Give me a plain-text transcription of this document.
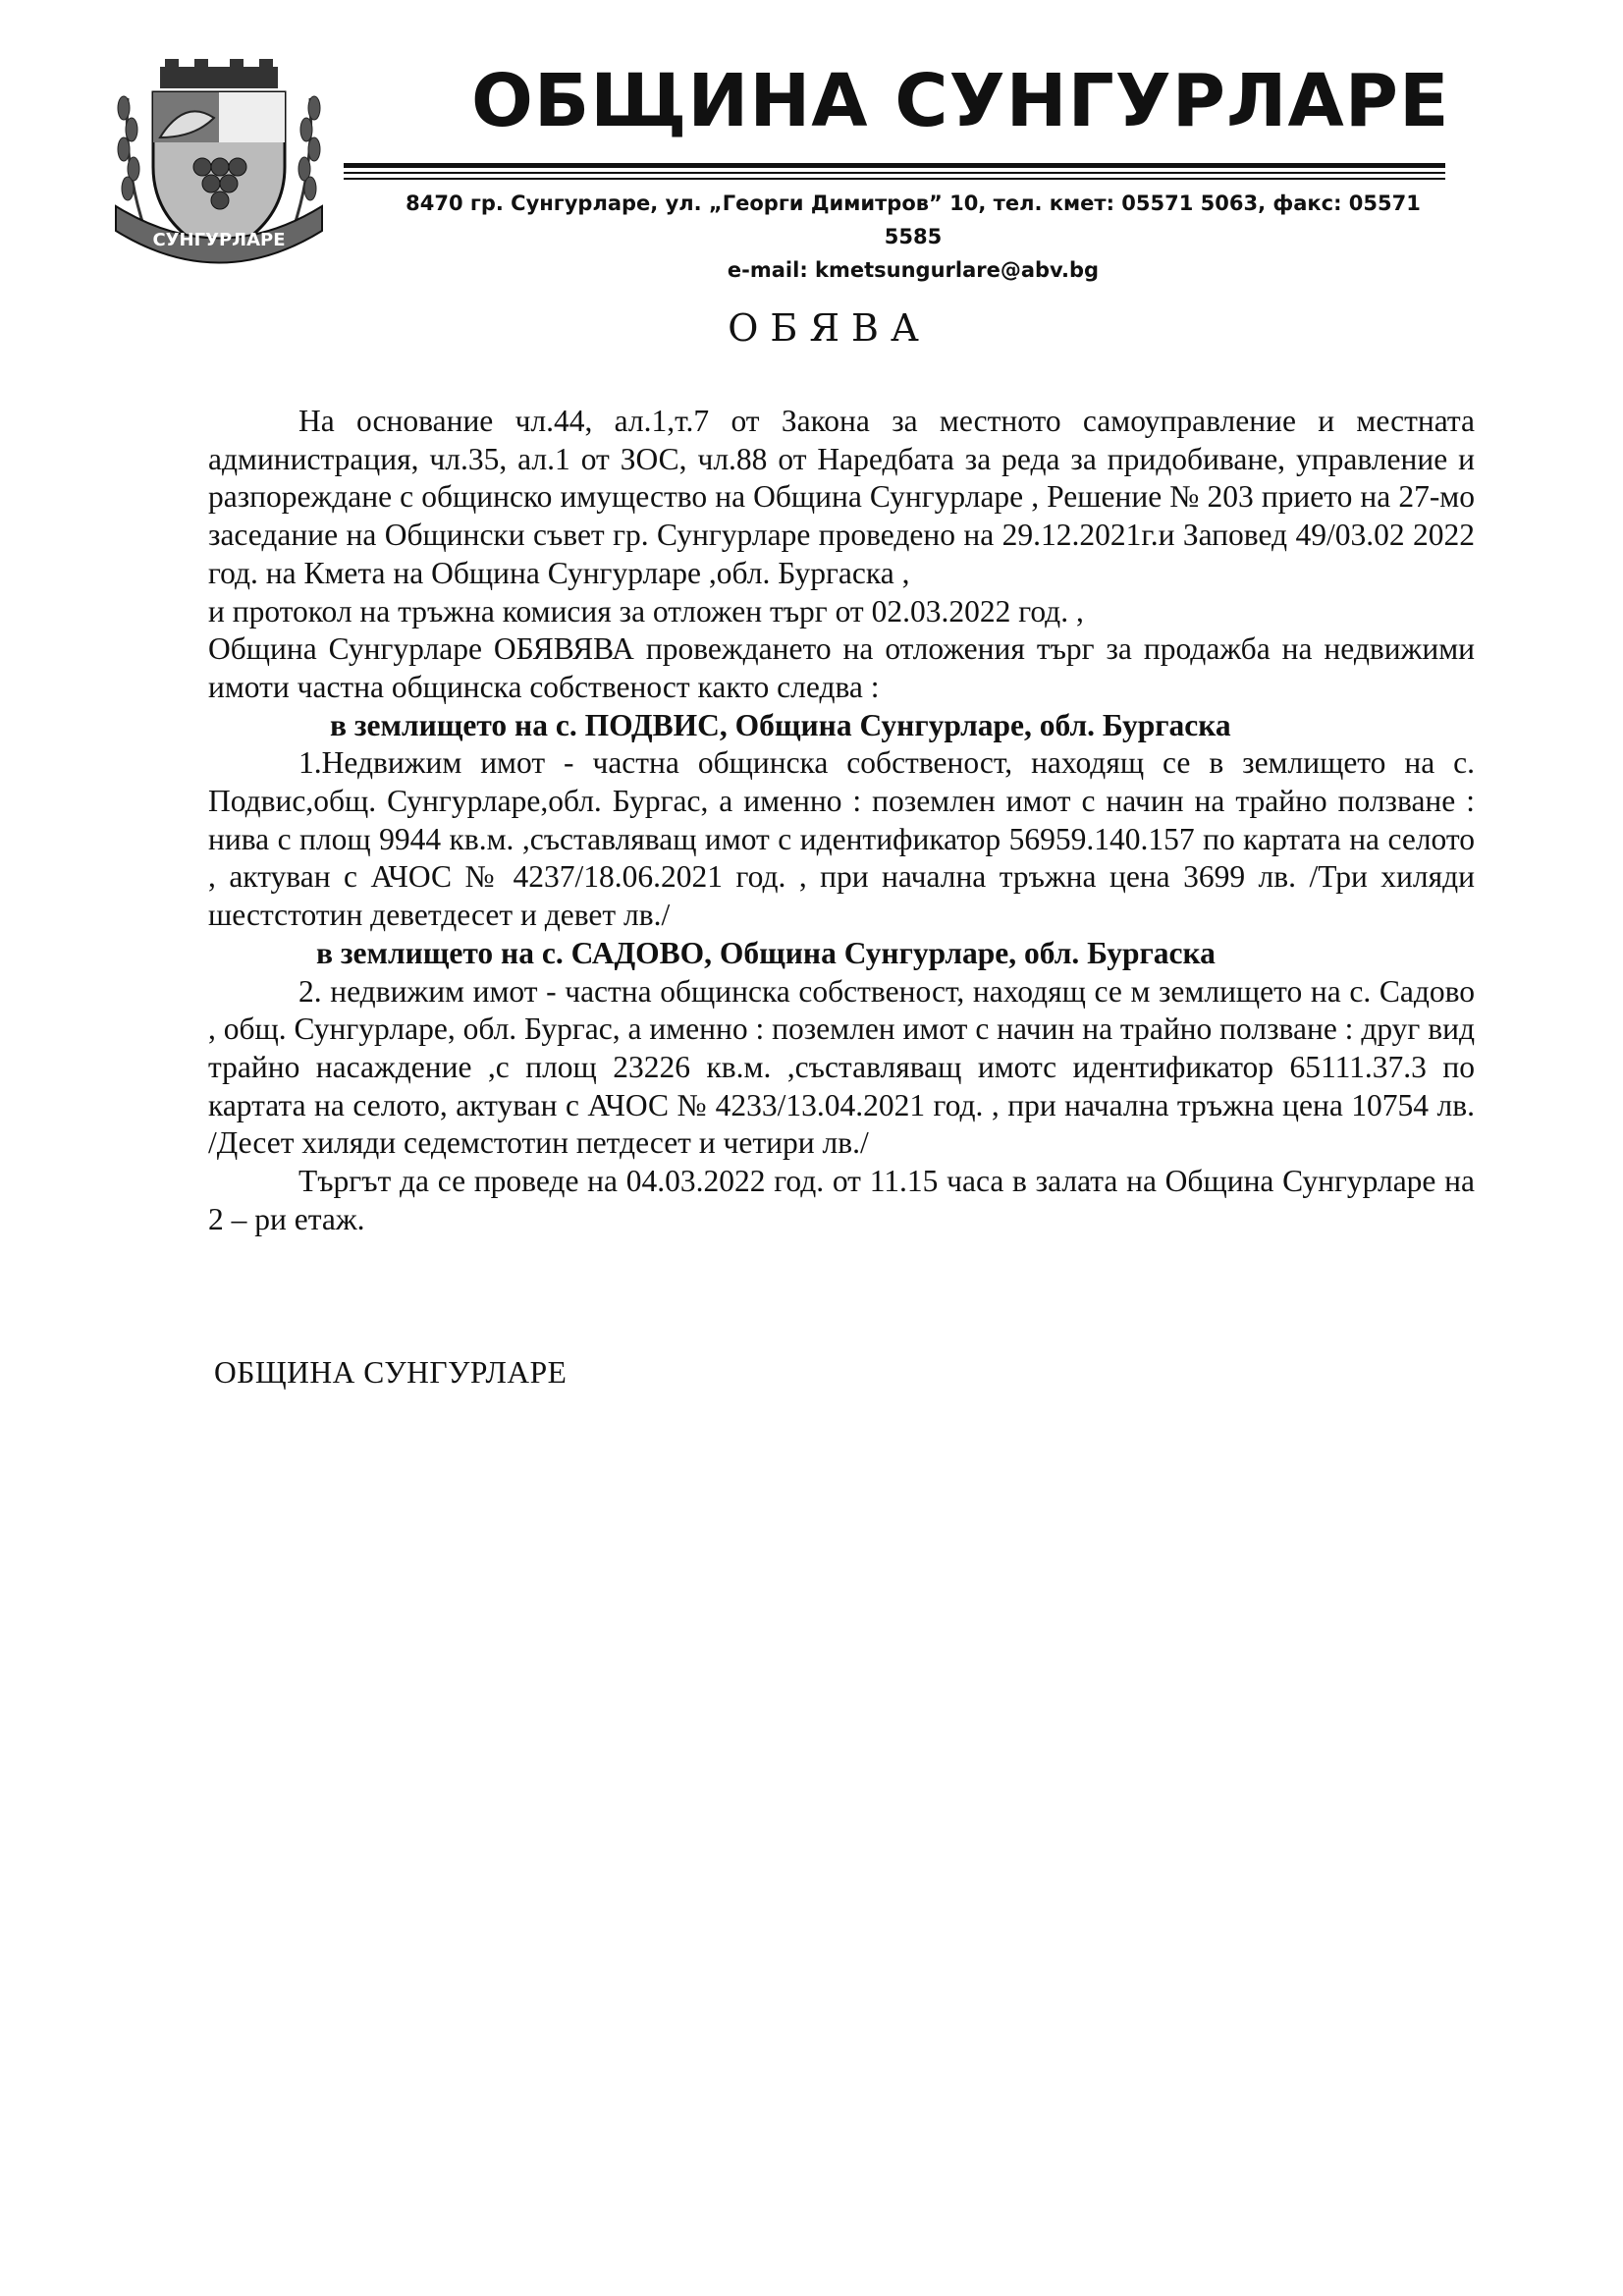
СУНГУРЛАРЕ
ОБЩИНА СУНГУРЛАРЕ
8470 гр. Сунгурларе, ул. „Георги Димитров” 10, тел. кмет: 05571 5063, факс: 05571 5585
e-mail: kmetsungurlare@abv.bg
ОБЯВА

На основание чл.44, ал.1,т.7 от Закона за местното самоуправление и местната администрация, чл.35, ал.1 от ЗОС, чл.88 от Наредбата за реда за придобиване, управление и разпореждане с общинско имущество на Община Сунгурларе , Решение № 203 прието на 27-мо заседание на Общински съвет гр. Сунгурларе проведено на 29.12.2021г.и Заповед 49/03.02 2022 год. на Кмета на Община Сунгурларе ,обл. Бургаска ,

и протокол на тръжна комисия за отложен търг от 02.03.2022 год. ,

Община Сунгурларе ОБЯВЯВА провеждането на отложения търг за продажба на недвижими имоти частна общинска собственост както следва :

в землището на с. ПОДВИС, Община Сунгурларе, обл. Бургаска

1.Недвижим имот - частна общинска собственост, находящ се в землището на с. Подвис,общ. Сунгурларе,обл. Бургас, а именно : поземлен имот с начин на трайно ползване : нива с площ 9944 кв.м. ,съставляващ имот с идентификатор 56959.140.157 по картата на селото , актуван с АЧОС № 4237/18.06.2021 год. , при начална тръжна цена 3699 лв. /Три хиляди шестстотин деветдесет и девет лв./

в землището на с. САДОВО, Община Сунгурларе, обл. Бургаска

2. недвижим имот - частна общинска собственост, находящ се м землището на с. Садово , общ. Сунгурларе, обл. Бургас, а именно : поземлен имот с начин на трайно ползване : друг вид трайно насаждение ,с площ 23226 кв.м. ,съставляващ имотс идентификатор 65111.37.3 по картата на селото, актуван с АЧОС № 4233/13.04.2021 год. , при начална тръжна цена 10754 лв. /Десет хиляди седемстотин петдесет и четири лв./

Търгът да се проведе на 04.03.2022 год. от 11.15 часа в залата на Община Сунгурларе на 2 – ри етаж.

ОБЩИНА СУНГУРЛАРЕ
